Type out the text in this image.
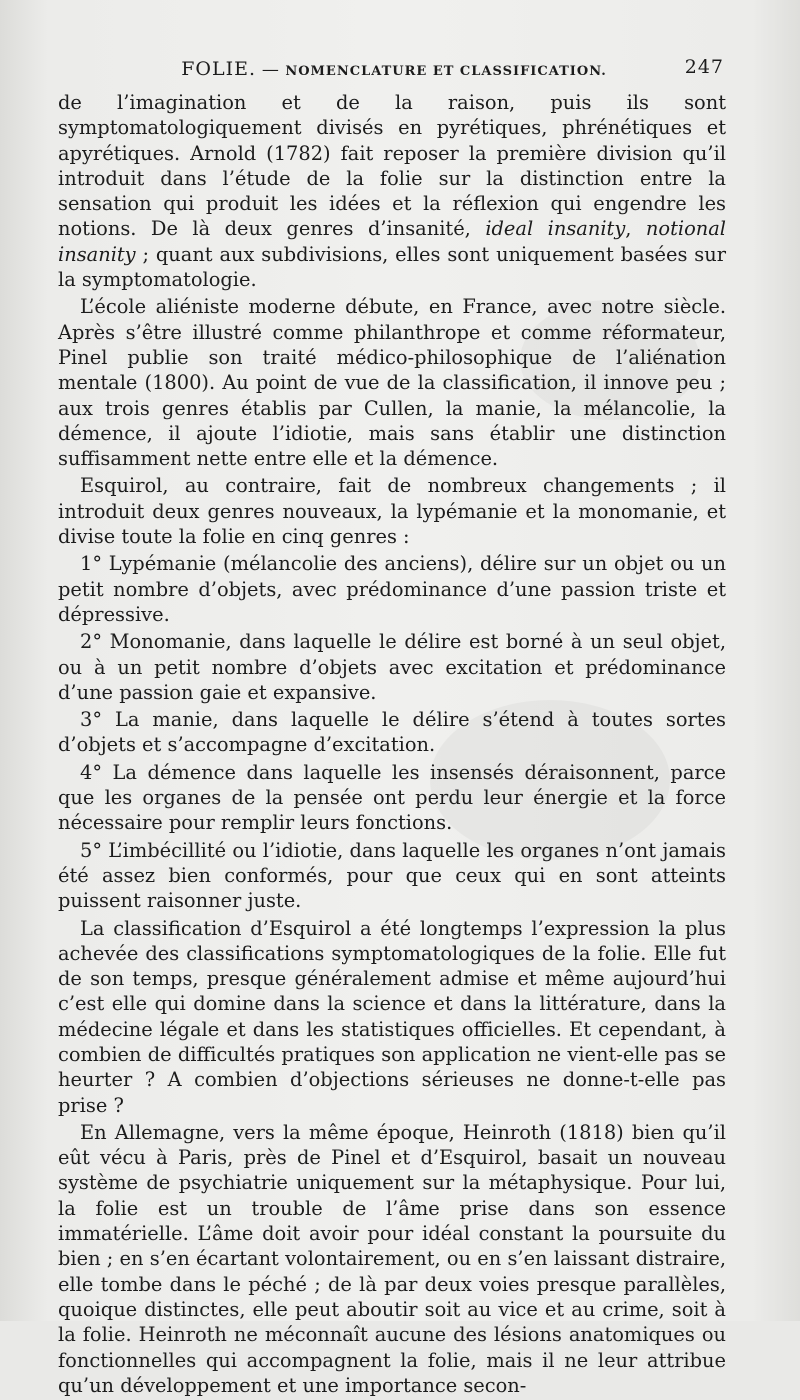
FOLIE. — NOMENCLATURE ET CLASSIFICATION.	247

de l’imagination et de la raison, puis ils sont symptomatologiquement divisés en pyrétiques, phrénétiques et apyrétiques. Arnold (1782) fait reposer la première division qu’il introduit dans l’étude de la folie sur la distinction entre la sensation qui produit les idées et la réflexion qui engendre les notions. De là deux genres d’insanité, ideal insanity, notional insanity ; quant aux subdivisions, elles sont uniquement basées sur la symptomatologie.

L’école aliéniste moderne débute, en France, avec notre siècle. Après s’être illustré comme philanthrope et comme réformateur, Pinel publie son traité médico-philosophique de l’aliénation mentale (1800). Au point de vue de la classification, il innove peu ; aux trois genres établis par Cullen, la manie, la mélancolie, la démence, il ajoute l’idiotie, mais sans établir une distinction suffisamment nette entre elle et la démence.

Esquirol, au contraire, fait de nombreux changements ; il introduit deux genres nouveaux, la lypémanie et la monomanie, et divise toute la folie en cinq genres :

1° Lypémanie (mélancolie des anciens), délire sur un objet ou un petit nombre d’objets, avec prédominance d’une passion triste et dépressive.

2° Monomanie, dans laquelle le délire est borné à un seul objet, ou à un petit nombre d’objets avec excitation et prédominance d’une passion gaie et expansive.

3° La manie, dans laquelle le délire s’étend à toutes sortes d’objets et s’accompagne d’excitation.

4° La démence dans laquelle les insensés déraisonnent, parce que les organes de la pensée ont perdu leur énergie et la force nécessaire pour remplir leurs fonctions.

5° L’imbécillité ou l’idiotie, dans laquelle les organes n’ont jamais été assez bien conformés, pour que ceux qui en sont atteints puissent raisonner juste.

La classification d’Esquirol a été longtemps l’expression la plus achevée des classifications symptomatologiques de la folie. Elle fut de son temps, presque généralement admise et même aujourd’hui c’est elle qui domine dans la science et dans la littérature, dans la médecine légale et dans les statistiques officielles. Et cependant, à combien de difficultés pratiques son application ne vient-elle pas se heurter ? A combien d’objections sérieuses ne donne-t-elle pas prise ?

En Allemagne, vers la même époque, Heinroth (1818) bien qu’il eût vécu à Paris, près de Pinel et d’Esquirol, basait un nouveau système de psychiatrie uniquement sur la métaphysique. Pour lui, la folie est un trouble de l’âme prise dans son essence immatérielle. L’âme doit avoir pour idéal constant la poursuite du bien ; en s’en écartant volontairement, ou en s’en laissant distraire, elle tombe dans le péché ; de là par deux voies presque parallèles, quoique distinctes, elle peut aboutir soit au vice et au crime, soit à la folie. Heinroth ne méconnaît aucune des lésions anatomiques ou fonctionnelles qui accompagnent la folie, mais il ne leur attribue qu’un développement et une importance secon-
